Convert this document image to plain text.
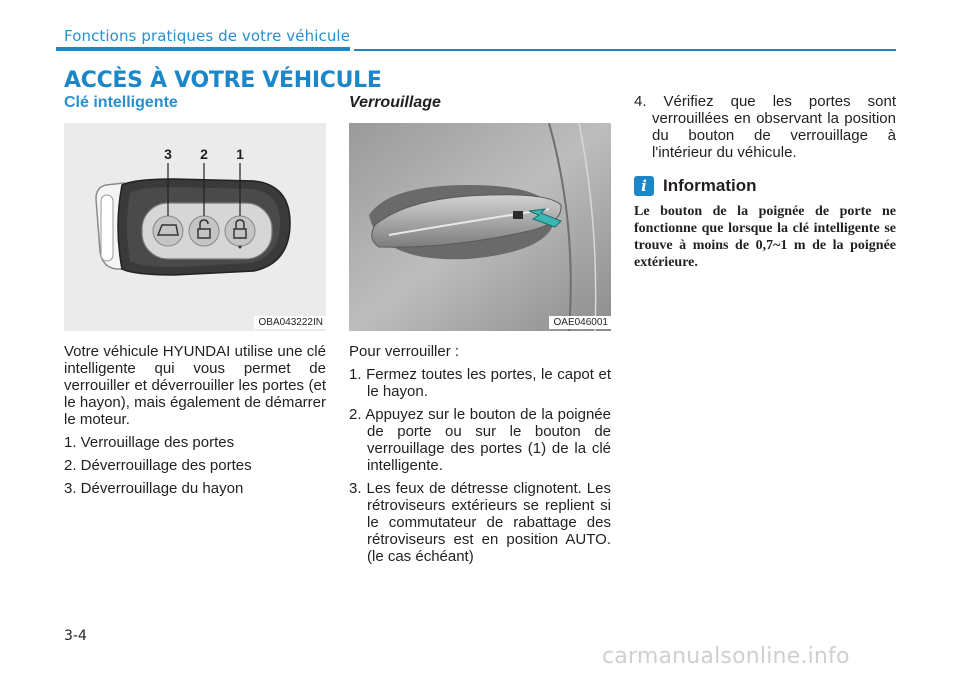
Fonctions pratiques de votre véhicule
ACCÈS À VOTRE VÉHICULE
Clé intelligente
3 2 1
OBA043222IN
Votre véhicule HYUNDAI utilise une clé intelligente qui vous permet de verrouiller et déverrouiller les portes (et le hayon), mais également de démarrer le moteur.
1. Verrouillage des portes
2. Déverrouillage des portes
3. Déverrouillage du hayon
Verrouillage
OAE046001
Pour verrouiller :
1. Fermez toutes les portes, le capot et le hayon.
2. Appuyez sur le bouton de la poignée de porte ou sur le bouton de verrouillage des portes (1) de la clé intelligente.
3. Les feux de détresse clignotent. Les rétroviseurs extérieurs se replient si le commutateur de rabattage des rétroviseurs est en position AUTO. (le cas échéant)
4. Vérifiez que les portes sont verrouillées en observant la position du bouton de verrouillage à l'intérieur du véhicule.
i Information
Le bouton de la poignée de porte ne fonctionne que lorsque la clé intelligente se trouve à moins de 0,7~1 m de la poignée extérieure.
3-4
carmanualsonline.info
